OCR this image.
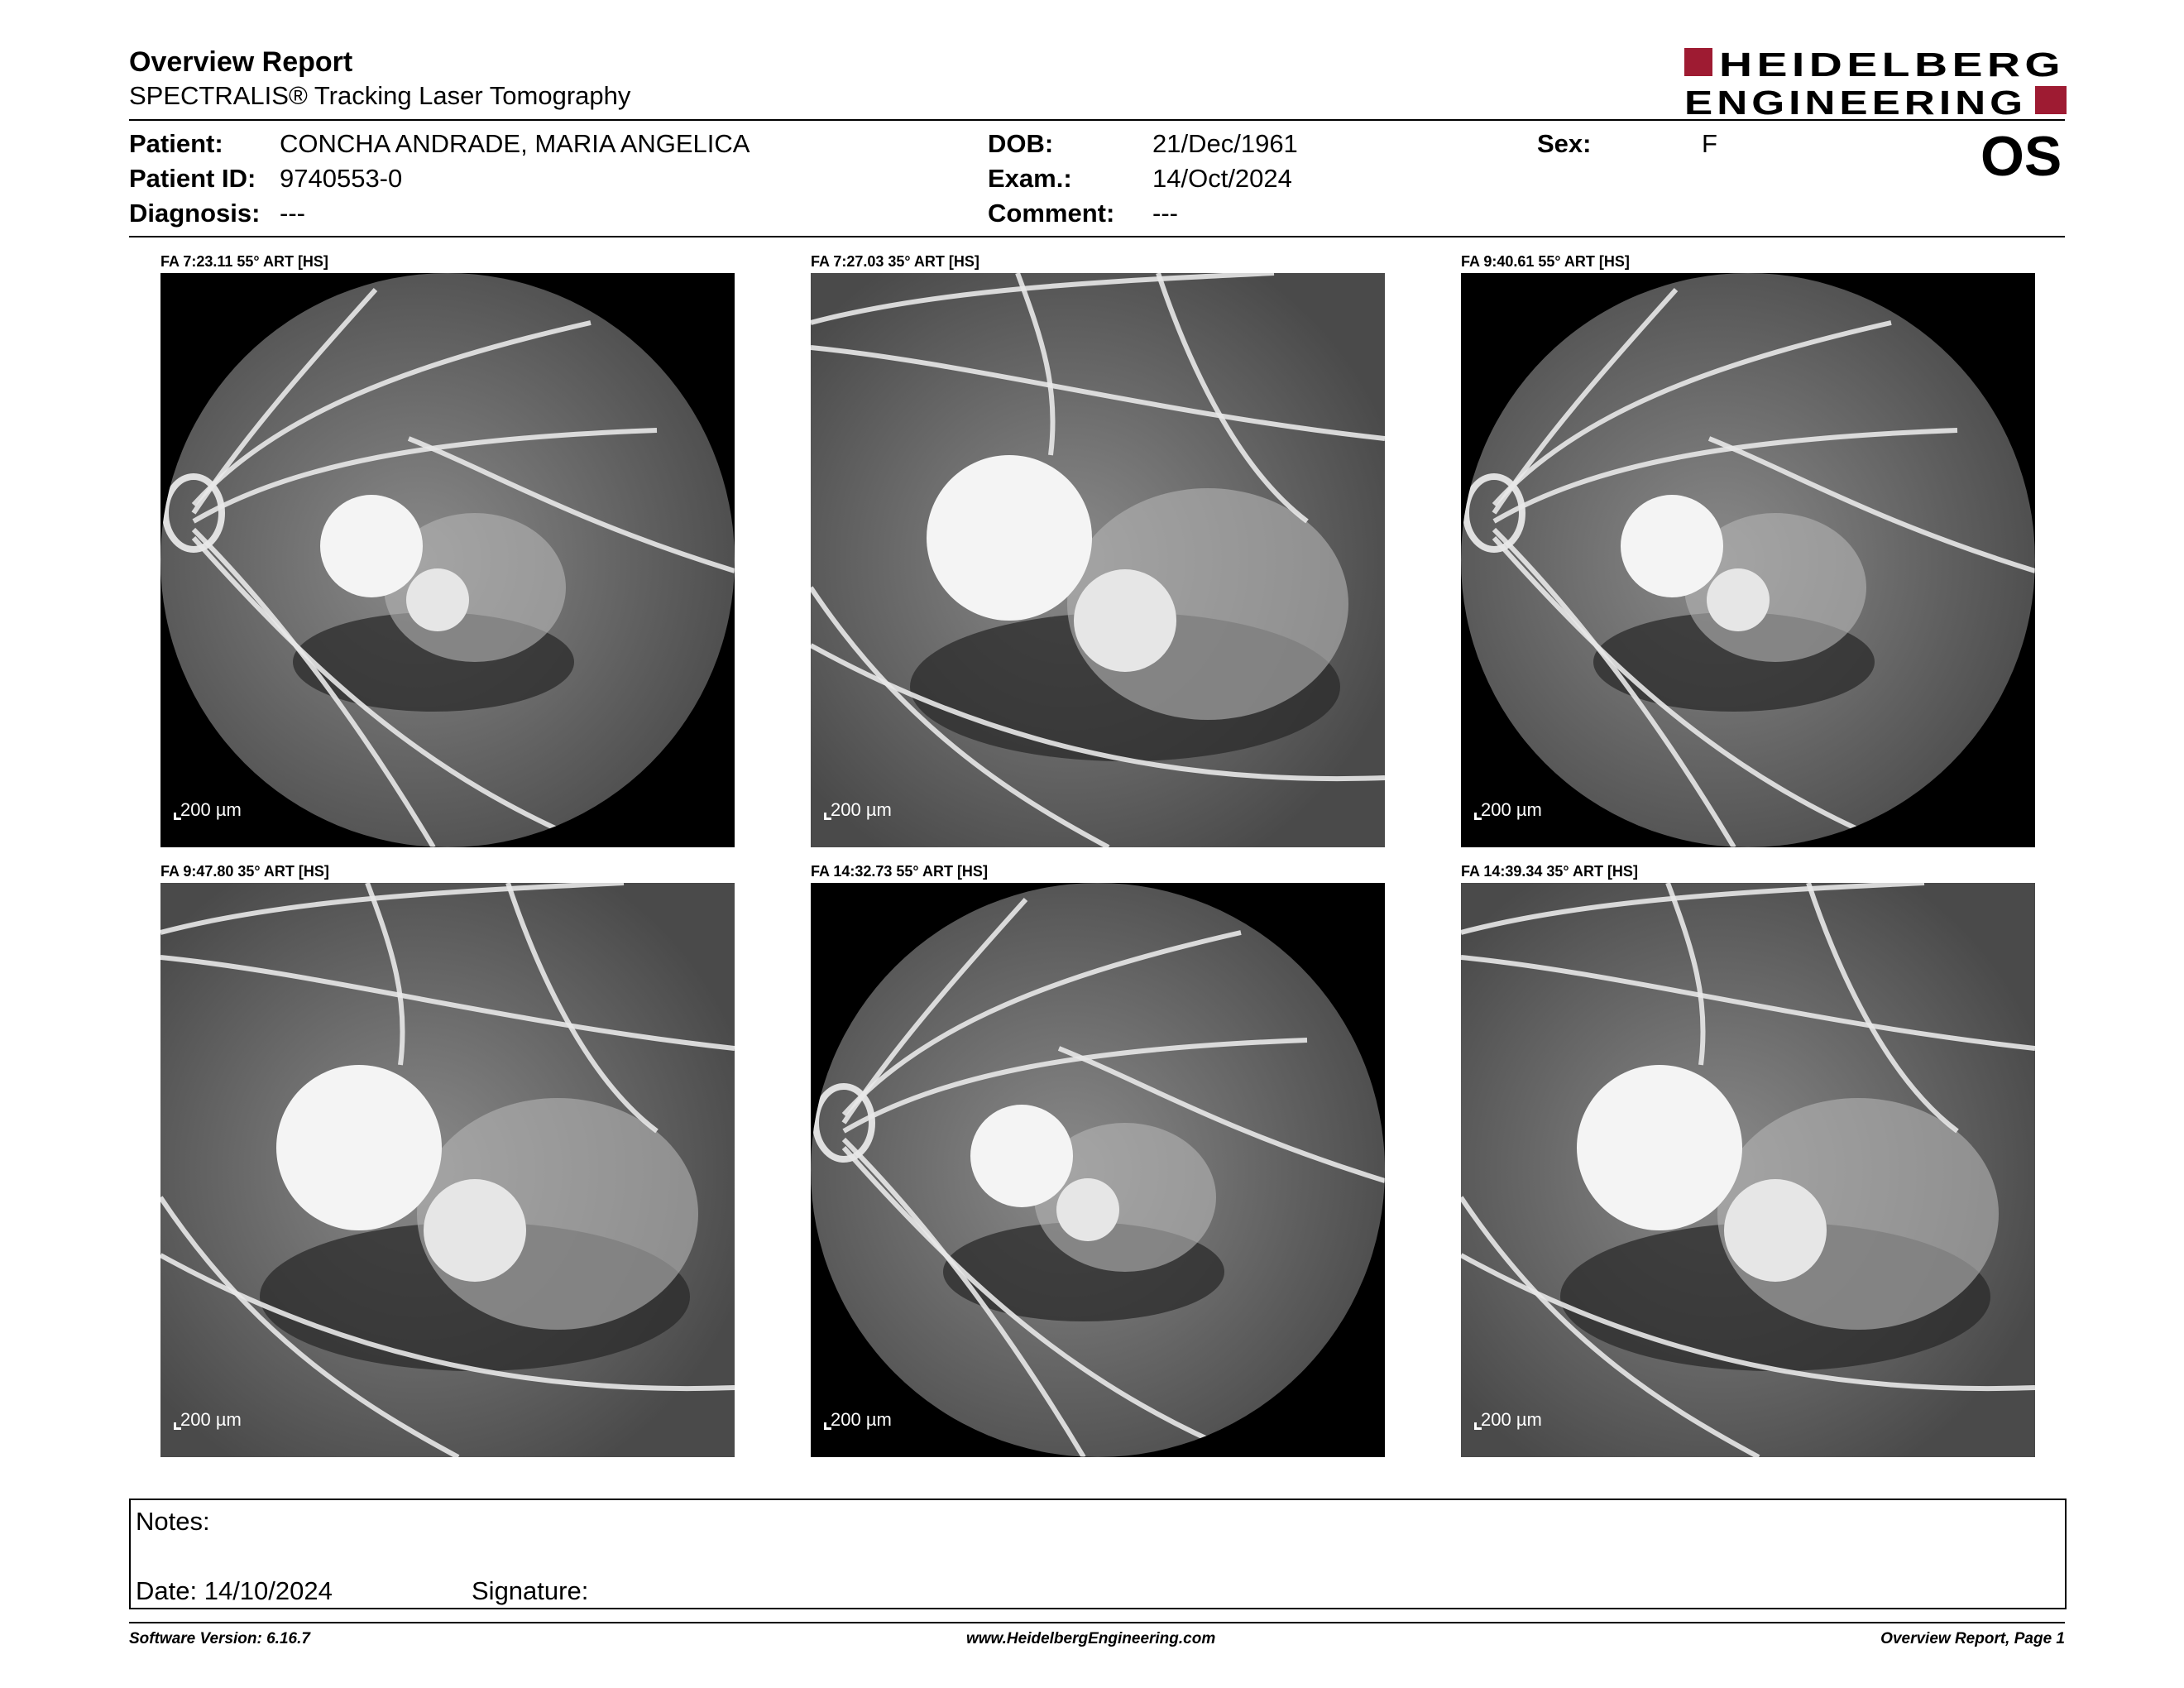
Overview Report
SPECTRALIS® Tracking Laser Tomography
HEIDELBERG
ENGINEERING
Patient: CONCHA ANDRADE, MARIA ANGELICA
Patient ID: 9740553-0
Diagnosis: ---
DOB:	21/Dec/1961
Exam.:	14/Oct/2024
Comment: ---
Sex:	F	OS
FA 7:23.11 55° ART [HS]
200 µm
FA 7:27.03 35° ART [HS]
200 µm
FA 9:40.61 55° ART [HS]
200 µm
FA 9:47.80 35° ART [HS]
200 µm
FA 14:32.73 55° ART [HS]
200 µm
FA 14:39.34 35° ART [HS]
200 µm
Notes:
Date: 14/10/2024	Signature:
Software Version: 6.16.7	www.HeidelbergEngineering.com	Overview Report, Page 1
